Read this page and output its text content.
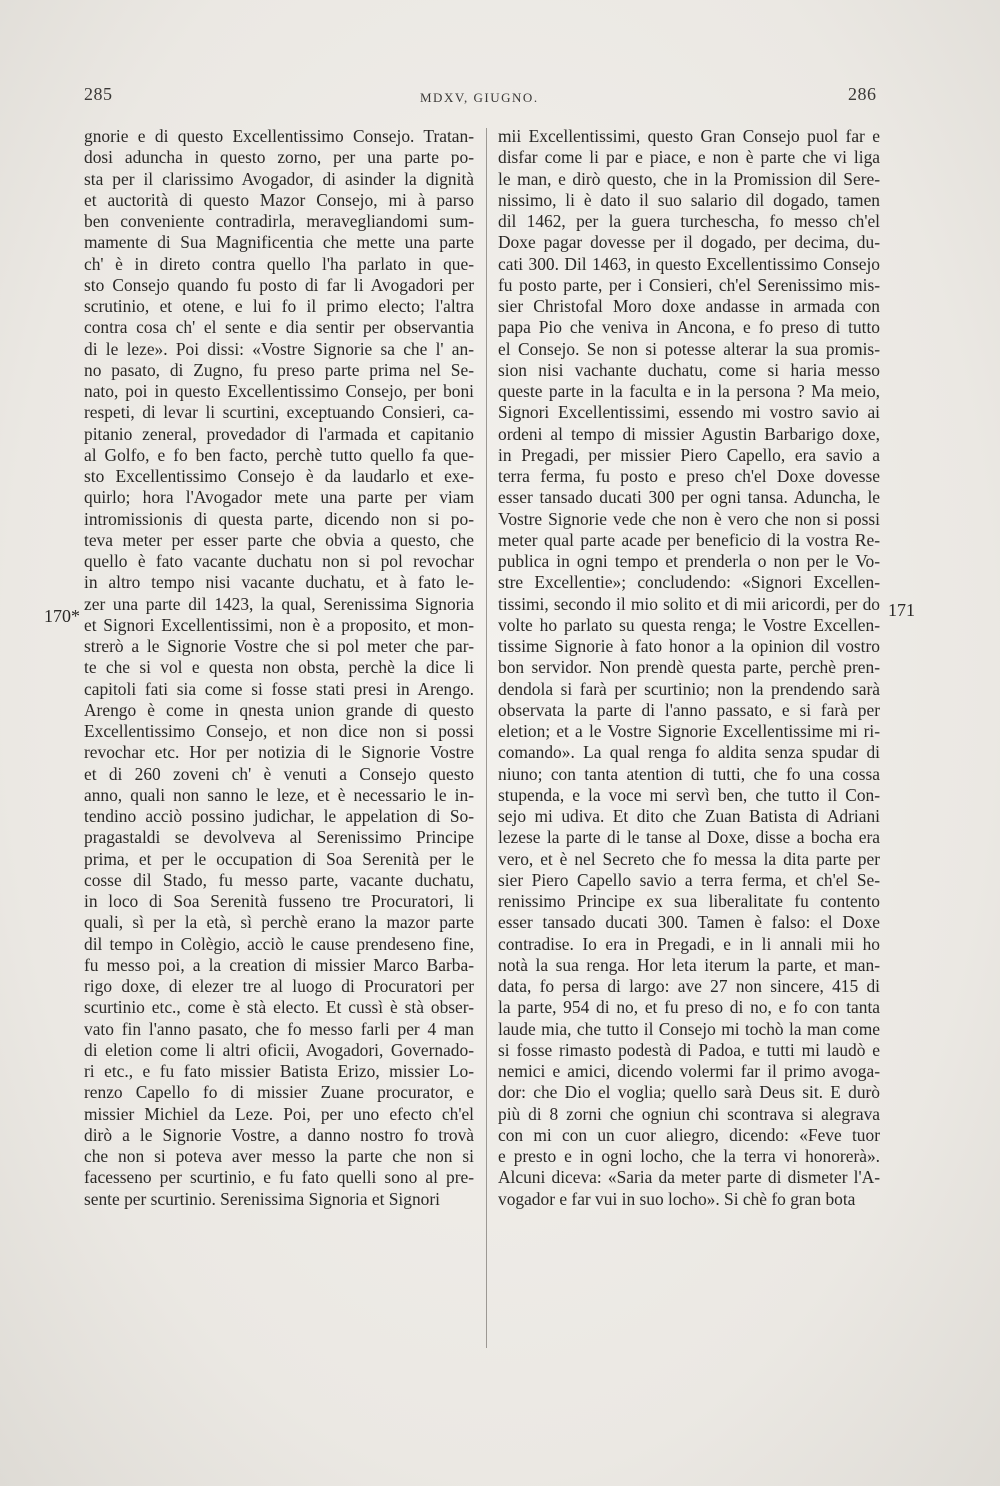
285	MDXV, GIUGNO.	286
gnorie e di questo Excellentissimo Consejo. Tratan-
dosi aduncha in questo zorno, per una parte po-
sta per il clarissimo Avogador, di asinder la dignità
et auctorità di questo Mazor Consejo, mi à parso
ben conveniente contradirla, meravegliandomi sum-
mamente di Sua Magnificentia che mette una parte
ch' è in direto contra quello l'ha parlato in que-
sto Consejo quando fu posto di far li Avogadori per
scrutinio, et otene, e lui fo il primo electo; l'altra
contra cosa ch' el sente e dia sentir per observantia
di le leze». Poi dissi: «Vostre Signorie sa che l' an-
no pasato, di Zugno, fu preso parte prima nel Se-
nato, poi in questo Excellentissimo Consejo, per boni
respeti, di levar li scurtini, exceptuando Consieri, ca-
pitanio zeneral, provedador di l'armada et capitanio
al Golfo, e fo ben facto, perchè tutto quello fa que-
sto Excellentissimo Consejo è da laudarlo et exe-
quirlo; hora l'Avogador mete una parte per viam
intromissionis di questa parte, dicendo non si po-
teva meter per esser parte che obvia a questo, che
quello è fato vacante duchatu non si pol revochar
in altro tempo nisi vacante duchatu, et à fato le-
zer una parte dil 1423, la qual, Serenissima Signoria
et Signori Excellentissimi, non è a proposito, et mon-
strerò a le Signorie Vostre che si pol meter che par-
te che si vol e questa non obsta, perchè la dice li
capitoli fati sia come si fosse stati presi in Arengo.
Arengo è come in qnesta union grande di questo
Excellentissimo Consejo, et non dice non si possi
revochar etc. Hor per notizia di le Signorie Vostre
et di 260 zoveni ch' è venuti a Consejo questo
anno, quali non sanno le leze, et è necessario le in-
tendino acciò possino judichar, le appelation di So-
pragastaldi se devolveva al Serenissimo Principe
prima, et per le occupation di Soa Serenità per le
cosse dil Stado, fu messo parte, vacante duchatu,
in loco di Soa Serenità fusseno tre Procuratori, li
quali, sì per la età, sì perchè erano la mazor parte
dil tempo in Colègio, acciò le cause prendeseno fine,
fu messo poi, a la creation di missier Marco Barba-
rigo doxe, di elezer tre al luogo di Procuratori per
scurtinio etc., come è stà electo. Et cussì è stà obser-
vato fin l'anno pasato, che fo messo farli per 4 man
di eletion come li altri oficii, Avogadori, Governado-
ri etc., e fu fato missier Batista Erizo, missier Lo-
renzo Capello fo di missier Zuane procurator, e
missier Michiel da Leze. Poi, per uno efecto ch'el
dirò a le Signorie Vostre, a danno nostro fo trovà
che non si poteva aver messo la parte che non si
facesseno per scurtinio, e fu fato quelli sono al pre-
sente per scurtinio. Serenissima Signoria et Signori
mii Excellentissimi, questo Gran Consejo puol far e
disfar come li par e piace, e non è parte che vi liga
le man, e dirò questo, che in la Promission dil Sere-
nissimo, li è dato il suo salario dil dogado, tamen
dil 1462, per la guera turchescha, fo messo ch'el
Doxe pagar dovesse per il dogado, per decima, du-
cati 300. Dil 1463, in questo Excellentissimo Consejo
fu posto parte, per i Consieri, ch'el Serenissimo mis-
sier Christofal Moro doxe andasse in armada con
papa Pio che veniva in Ancona, e fo preso di tutto
el Consejo. Se non si potesse alterar la sua promis-
sion nisi vachante duchatu, come si haria messo
queste parte in la faculta e in la persona ? Ma meio,
Signori Excellentissimi, essendo mi vostro savio ai
ordeni al tempo di missier Agustin Barbarigo doxe,
in Pregadi, per missier Piero Capello, era savio a
terra ferma, fu posto e preso ch'el Doxe dovesse
esser tansado ducati 300 per ogni tansa. Aduncha, le
Vostre Signorie vede che non è vero che non si possi
meter qual parte acade per beneficio di la vostra Re-
publica in ogni tempo et prenderla o non per le Vo-
stre Excellentie»; concludendo: «Signori Excellen-
tissimi, secondo il mio solito et di mii aricordi, per do
volte ho parlato su questa renga; le Vostre Excellen-
tissime Signorie à fato honor a la opinion dil vostro
bon servidor. Non prendè questa parte, perchè pren-
dendola si farà per scurtinio; non la prendendo sarà
observata la parte di l'anno passato, e si farà per
eletion; et a le Vostre Signorie Excellentissime mi ri-
comando». La qual renga fo aldita senza spudar di
niuno; con tanta atention di tutti, che fo una cossa
stupenda, e la voce mi servì ben, che tutto il Con-
sejo mi udiva. Et dito che Zuan Batista di Adriani
lezese la parte di le tanse al Doxe, disse a bocha era
vero, et è nel Secreto che fo messa la dita parte per
sier Piero Capello savio a terra ferma, et ch'el Se-
renissimo Principe ex sua liberalitate fu contento
esser tansado ducati 300. Tamen è falso: el Doxe
contradise. Io era in Pregadi, e in li annali mii ho
notà la sua renga. Hor leta iterum la parte, et man-
data, fo persa di largo: ave 27 non sincere, 415 di
la parte, 954 di no, et fu preso di no, e fo con tanta
laude mia, che tutto il Consejo mi tochò la man come
si fosse rimasto podestà di Padoa, e tutti mi laudò e
nemici e amici, dicendo volermi far il primo avoga-
dor: che Dio el voglia; quello sarà Deus sit. E durò
più di 8 zorni che ogniun chi scontrava si alegrava
con mi con un cuor aliegro, dicendo: «Feve tuor
e presto e in ogni locho, che la terra vi honorerà».
Alcuni diceva: «Saria da meter parte di dismeter l'A-
vogador e far vui in suo locho». Si chè fo gran bota
170*	171
